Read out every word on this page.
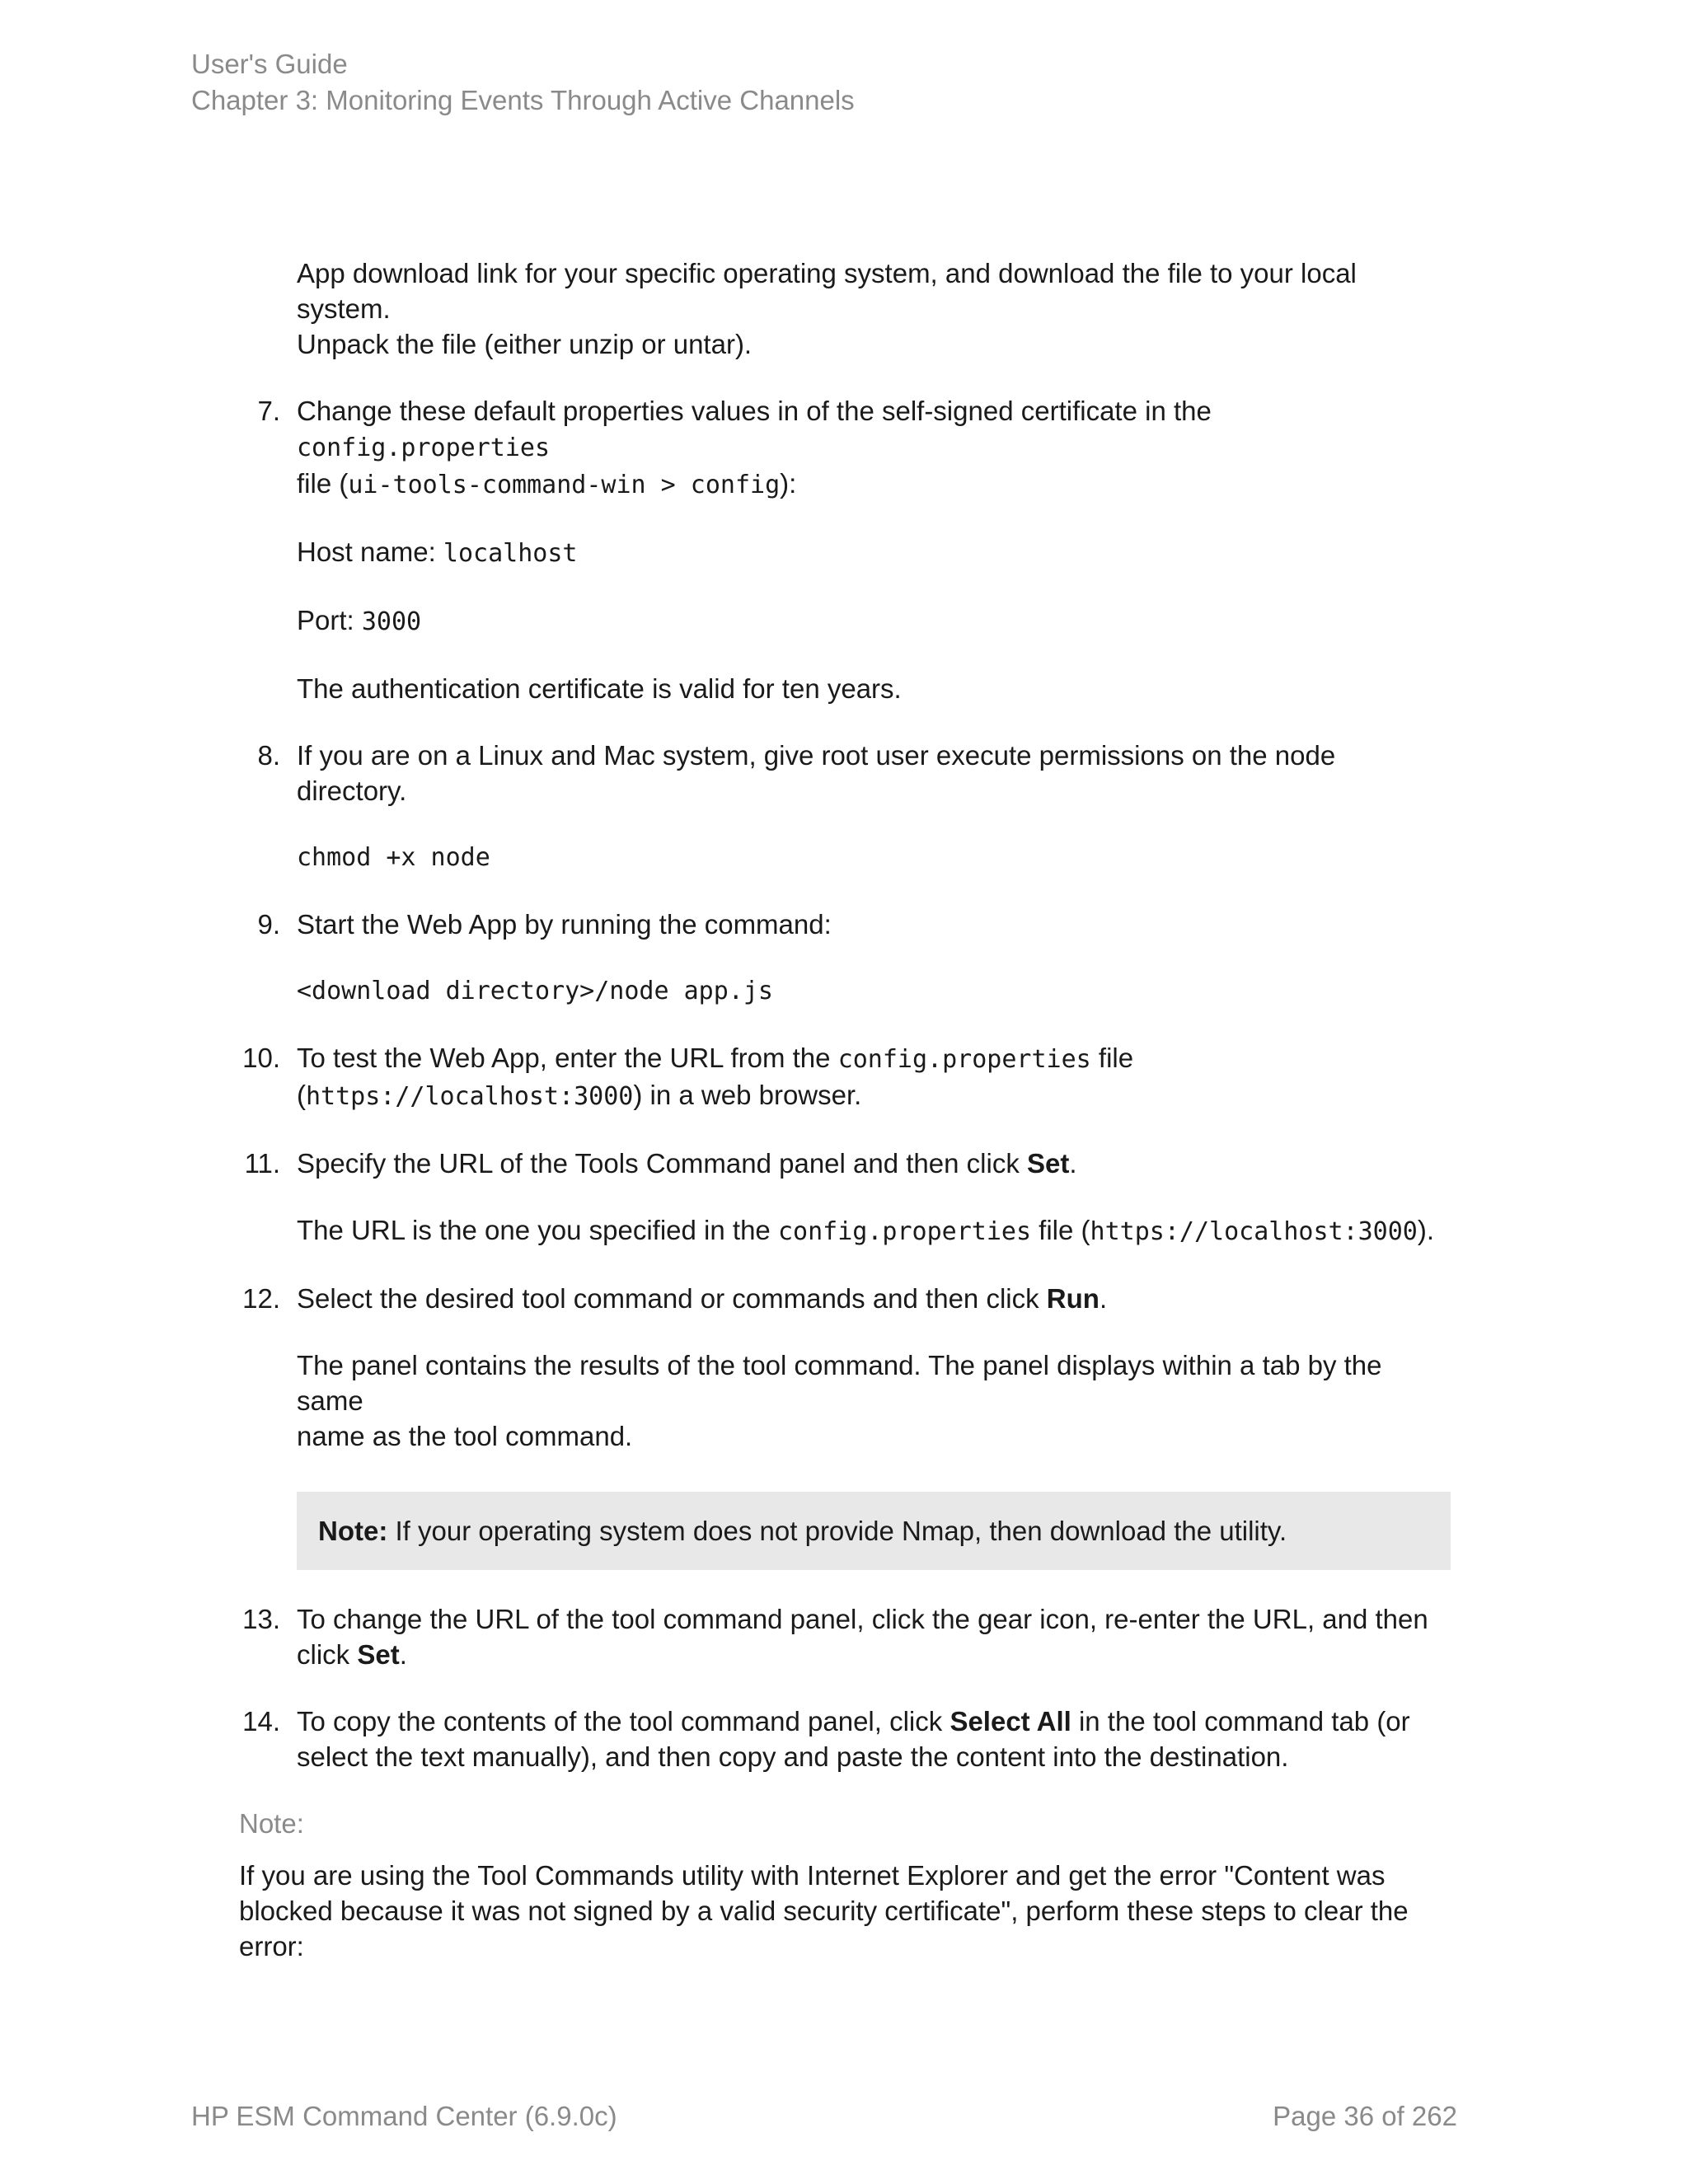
User's Guide
Chapter 3: Monitoring Events Through Active Channels
App download link for your specific operating system, and download the file to your local system.
Unpack the file (either unzip or untar).
7. Change these default properties values in of the self-signed certificate in the config.properties
file (ui-tools-command-win > config):
Host name: localhost
Port: 3000
The authentication certificate is valid for ten years.
8. If you are on a Linux and Mac system, give root user execute permissions on the node directory.
chmod +x node
9. Start the Web App by running the command:
<download directory>/node app.js
10. To test the Web App, enter the URL from the config.properties file
(https://localhost:3000) in a web browser.
11. Specify the URL of the Tools Command panel and then click Set.
The URL is the one you specified in the config.properties file (https://localhost:3000).
12. Select the desired tool command or commands and then click Run.
The panel contains the results of the tool command. The panel displays within a tab by the same
name as the tool command.
Note: If your operating system does not provide Nmap, then download the utility.
13. To change the URL of the tool command panel, click the gear icon, re-enter the URL, and then
click Set.
14. To copy the contents of the tool command panel, click Select All in the tool command tab (or
select the text manually), and then copy and paste the content into the destination.
Note:
If you are using the Tool Commands utility with Internet Explorer and get the error "Content was
blocked because it was not signed by a valid security certificate", perform these steps to clear the
error:
HP ESM Command Center (6.9.0c)	Page 36 of 262
